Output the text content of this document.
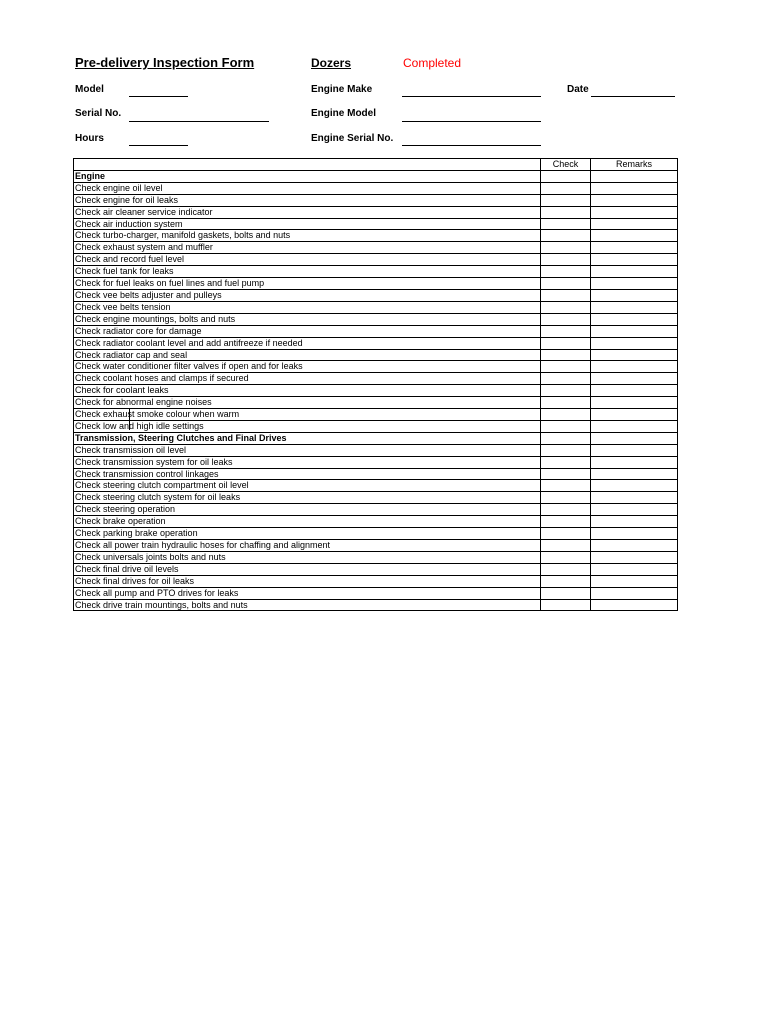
Pre-delivery Inspection Form	Dozers	Completed
Model
Serial No.
Hours
Engine Make
Engine Model
Engine Serial No.
Date
	Check	Remarks
Engine		
Check engine oil level		
Check engine for oil leaks		
Check air cleaner service indicator		
Check air induction system		
Check turbo-charger, manifold gaskets, bolts and nuts		
Check exhaust system and muffler		
Check and record fuel level		
Check fuel tank for leaks		
Check for fuel leaks on fuel lines and fuel pump		
Check vee belts adjuster and pulleys		
Check vee belts tension		
Check engine mountings, bolts and nuts		
Check radiator core for damage		
Check radiator coolant level and add antifreeze if needed		
Check radiator cap and seal		
Check water conditioner filter valves if open and for leaks		
Check coolant hoses and clamps if secured		
Check for coolant leaks		
Check for abnormal engine noises		
Check exhaust smoke colour when warm		
Check low and high idle settings		
Transmission, Steering Clutches and Final Drives		
Check transmission oil level		
Check transmission system for oil leaks		
Check transmission control linkages		
Check steering clutch compartment oil level		
Check steering clutch system for oil leaks		
Check steering operation		
Check brake operation		
Check parking brake operation		
Check all power train hydraulic hoses for chaffing and alignment		
Check universals joints bolts and nuts		
Check final drive oil levels		
Check final drives for oil leaks		
Check all pump and PTO drives for leaks		
Check drive train mountings, bolts and nuts		
